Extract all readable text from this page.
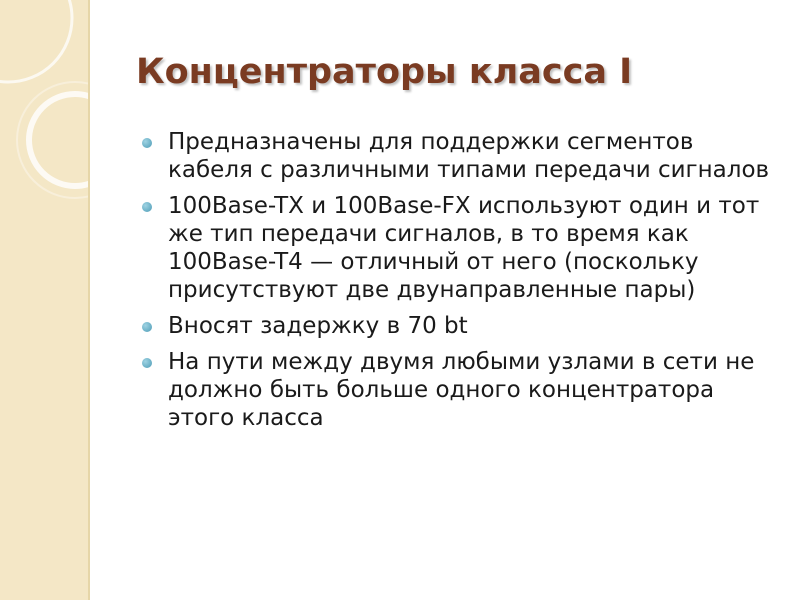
Концентраторы класса I
Предназначены для поддержки сегментов кабеля с различными типами передачи сигналов
100Base-TX и 100Base-FX используют один и тот же тип передачи сигналов, в то время как 100Base-T4 — отличный от него (поскольку присутствуют две двунаправленные пары)
Вносят задержку в 70 bt
На пути между двумя любыми узлами в сети не должно быть больше одного концентратора этого класса
